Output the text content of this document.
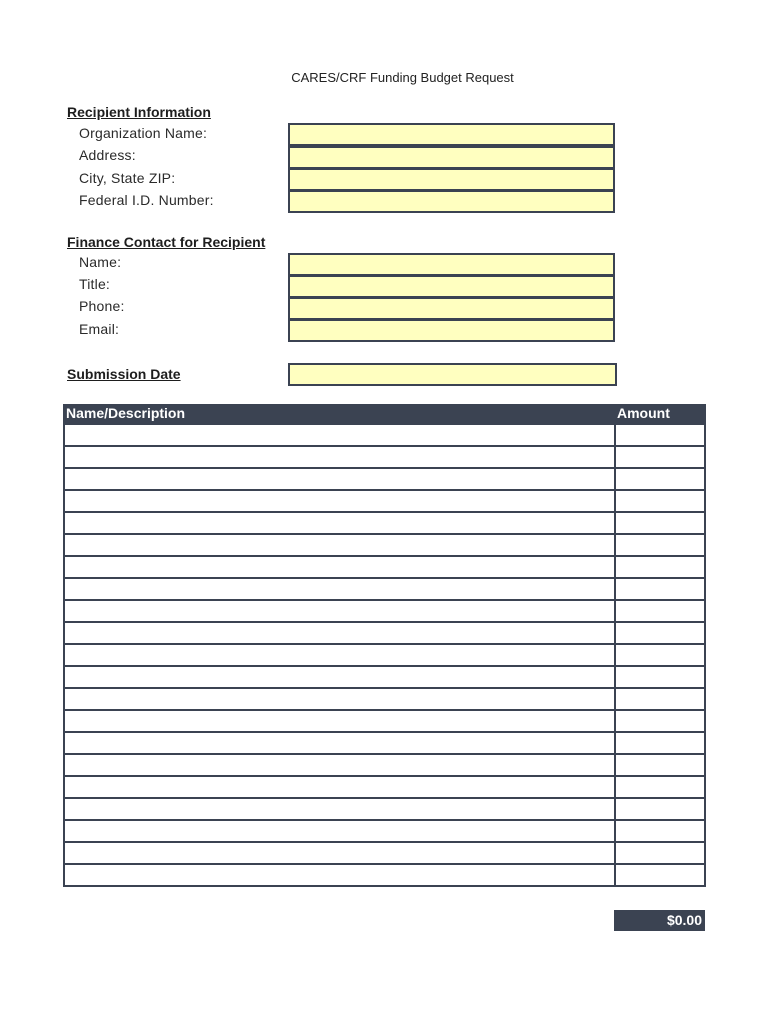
CARES/CRF Funding Budget Request
Recipient Information
Organization Name:
Address:
City, State ZIP:
Federal I.D. Number:
Finance Contact for Recipient
Name:
Title:
Phone:
Email:
Submission Date
Name/Description	Amount
$0.00
